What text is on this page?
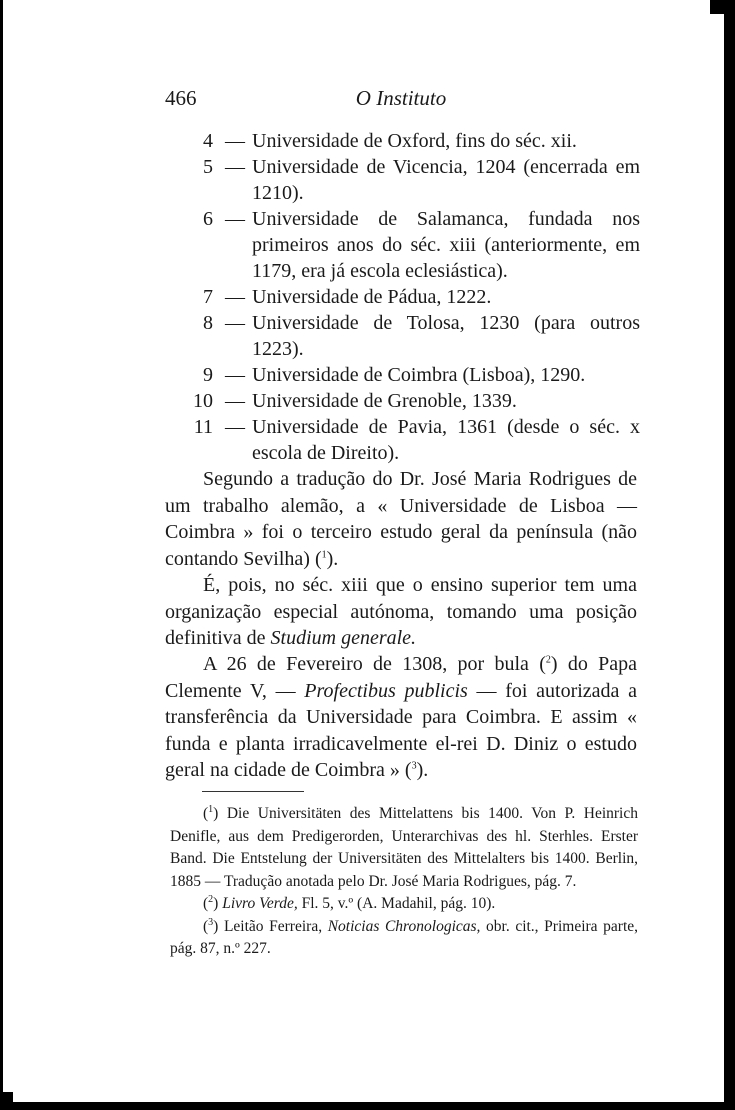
466	O Instituto
4 — Universidade de Oxford, fins do séc. xii.
5 — Universidade de Vicencia, 1204 (encerrada em 1210).
6 — Universidade de Salamanca, fundada nos primeiros anos do séc. xiii (anteriormente, em 1179, era já escola eclesiástica).
7 — Universidade de Pádua, 1222.
8 — Universidade de Tolosa, 1230 (para outros 1223).
9 — Universidade de Coimbra (Lisboa), 1290.
10 — Universidade de Grenoble, 1339.
11 — Universidade de Pavia, 1361 (desde o séc. x escola de Direito).

Segundo a tradução do Dr. José Maria Rodrigues de um trabalho alemão, a « Universidade de Lisboa — Coimbra » foi o terceiro estudo geral da península (não contando Sevilha) ($^1$).

É, pois, no séc. xiii que o ensino superior tem uma organização especial autónoma, tomando uma posição definitiva de Studium generale.

A 26 de Fevereiro de 1308, por bula ($^2$) do Papa Clemente V, — Profectibus publicis — foi autorizada a transferência da Universidade para Coimbra. E assim « funda e planta irradicavelmente el-rei D. Diniz o estudo geral na cidade de Coimbra » ($^3$).

($^1$) Die Universitäten des Mittelattens bis 1400. Von P. Heinrich Denifle, aus dem Predigerorden, Unterarchivas des hl. Sterhles. Erster Band. Die Entstelung der Universitäten des Mittelalters bis 1400. Berlin, 1885 — Tradução anotada pelo Dr. José Maria Rodrigues, pág. 7.

($^2$) Livro Verde, Fl. 5, v.º (A. Madahil, pág. 10).

($^3$) Leitão Ferreira, Noticias Chronologicas, obr. cit., Primeira parte, pág. 87, n.º 227.
